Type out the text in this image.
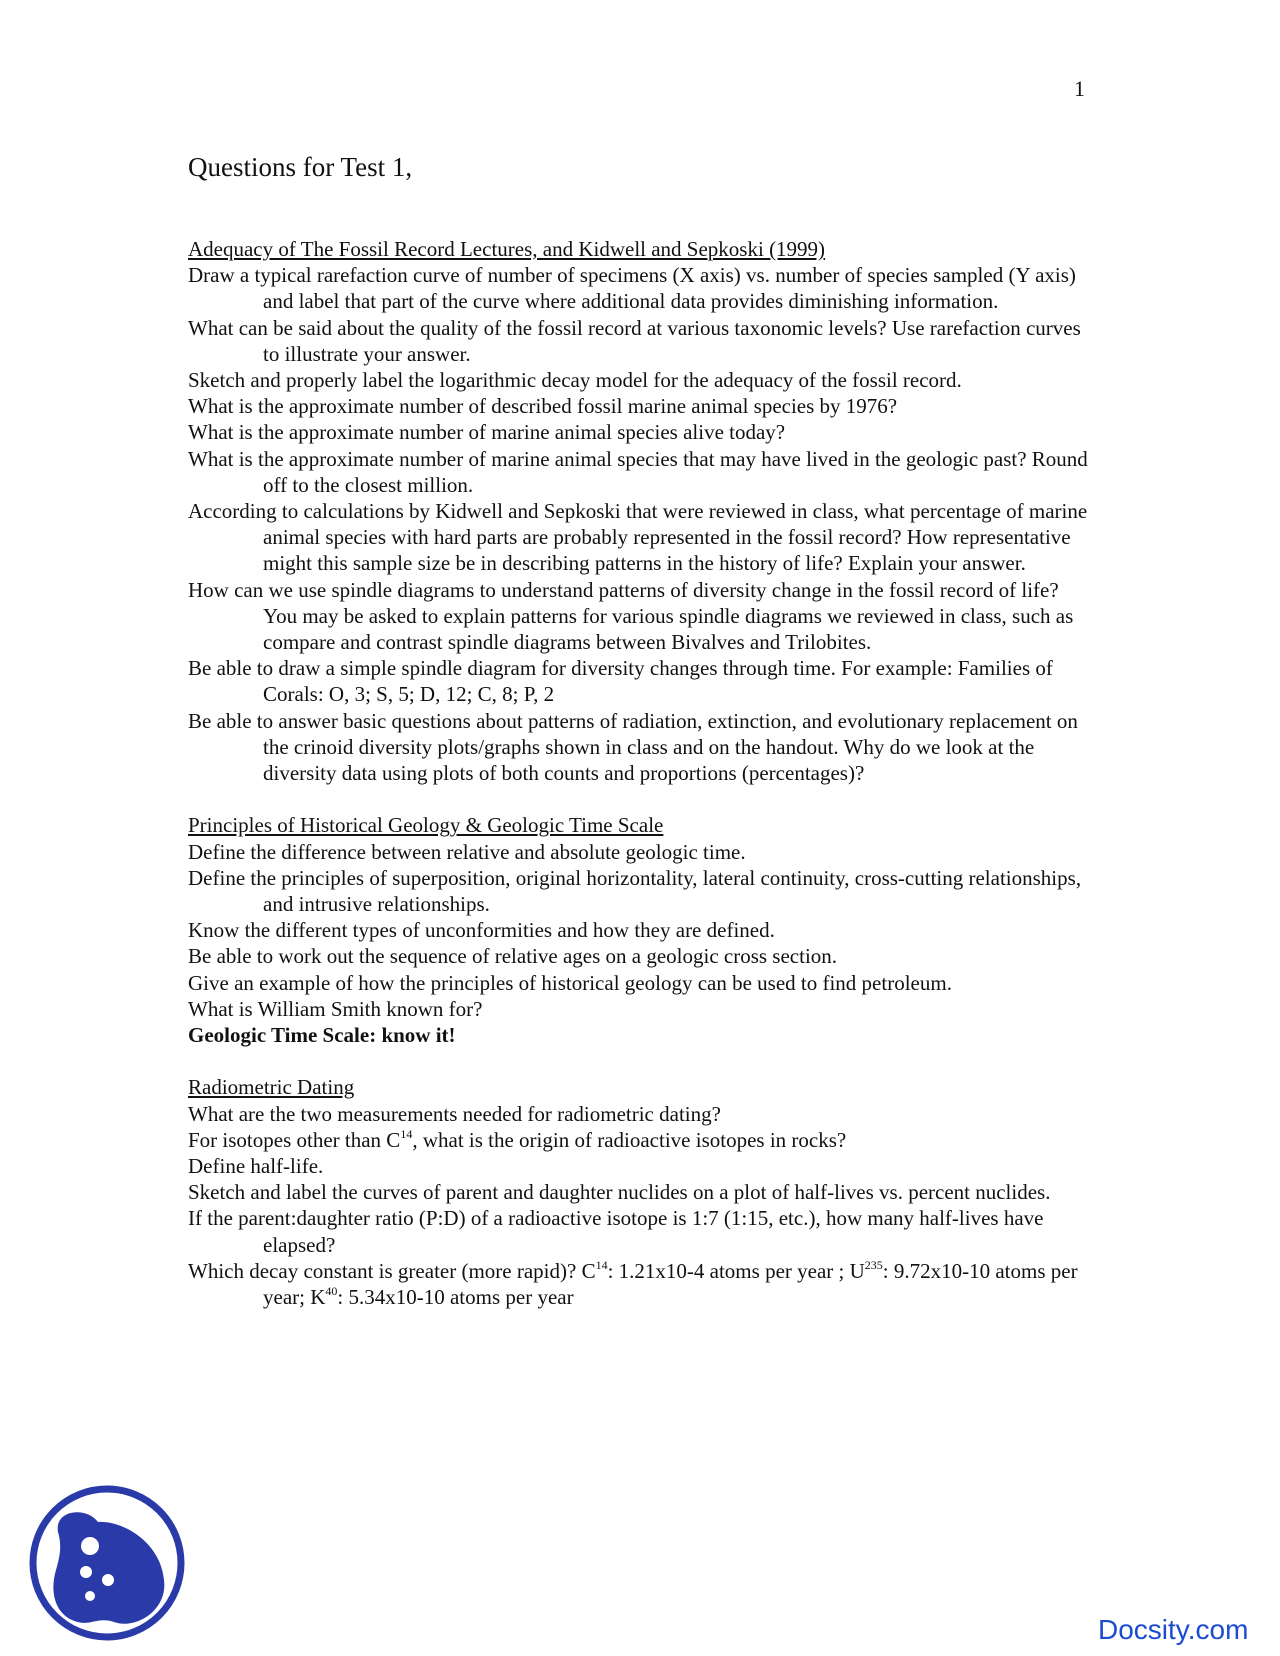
1
Questions for Test 1,
Adequacy of The Fossil Record Lectures, and Kidwell and Sepkoski (1999)
Draw a typical rarefaction curve of number of specimens (X axis) vs. number of species sampled (Y axis) and label that part of the curve where additional data provides diminishing information.
What can be said about the quality of the fossil record at various taxonomic levels? Use rarefaction curves to illustrate your answer.
Sketch and properly label the logarithmic decay model for the adequacy of the fossil record.
What is the approximate number of described fossil marine animal species by 1976?
What is the approximate number of marine animal species alive today?
What is the approximate number of marine animal species that may have lived in the geologic past? Round off to the closest million.
According to calculations by Kidwell and Sepkoski that were reviewed in class, what percentage of marine animal species with hard parts are probably represented in the fossil record? How representative might this sample size be in describing patterns in the history of life? Explain your answer.
How can we use spindle diagrams to understand patterns of diversity change in the fossil record of life? You may be asked to explain patterns for various spindle diagrams we reviewed in class, such as compare and contrast spindle diagrams between Bivalves and Trilobites.
Be able to draw a simple spindle diagram for diversity changes through time. For example: Families of Corals: O, 3; S, 5; D, 12; C, 8; P, 2
Be able to answer basic questions about patterns of radiation, extinction, and evolutionary replacement on the crinoid diversity plots/graphs shown in class and on the handout. Why do we look at the diversity data using plots of both counts and proportions (percentages)?
Principles of Historical Geology & Geologic Time Scale
Define the difference between relative and absolute geologic time.
Define the principles of superposition, original horizontality, lateral continuity, cross-cutting relationships, and intrusive relationships.
Know the different types of unconformities and how they are defined.
Be able to work out the sequence of relative ages on a geologic cross section.
Give an example of how the principles of historical geology can be used to find petroleum.
What is William Smith known for?
Geologic Time Scale: know it!
Radiometric Dating
What are the two measurements needed for radiometric dating?
For isotopes other than $C^{14}$, what is the origin of radioactive isotopes in rocks?
Define half-life.
Sketch and label the curves of parent and daughter nuclides on a plot of half-lives vs. percent nuclides.
If the parent:daughter ratio (P:D) of a radioactive isotope is 1:7 (1:15, etc.), how many half-lives have elapsed?
Which decay constant is greater (more rapid)? $C^{14}$: 1.21x10-4 atoms per year ; $U^{235}$: 9.72x10-10 atoms per year; $K^{40}$: 5.34x10-10 atoms per year
Docsity.com
